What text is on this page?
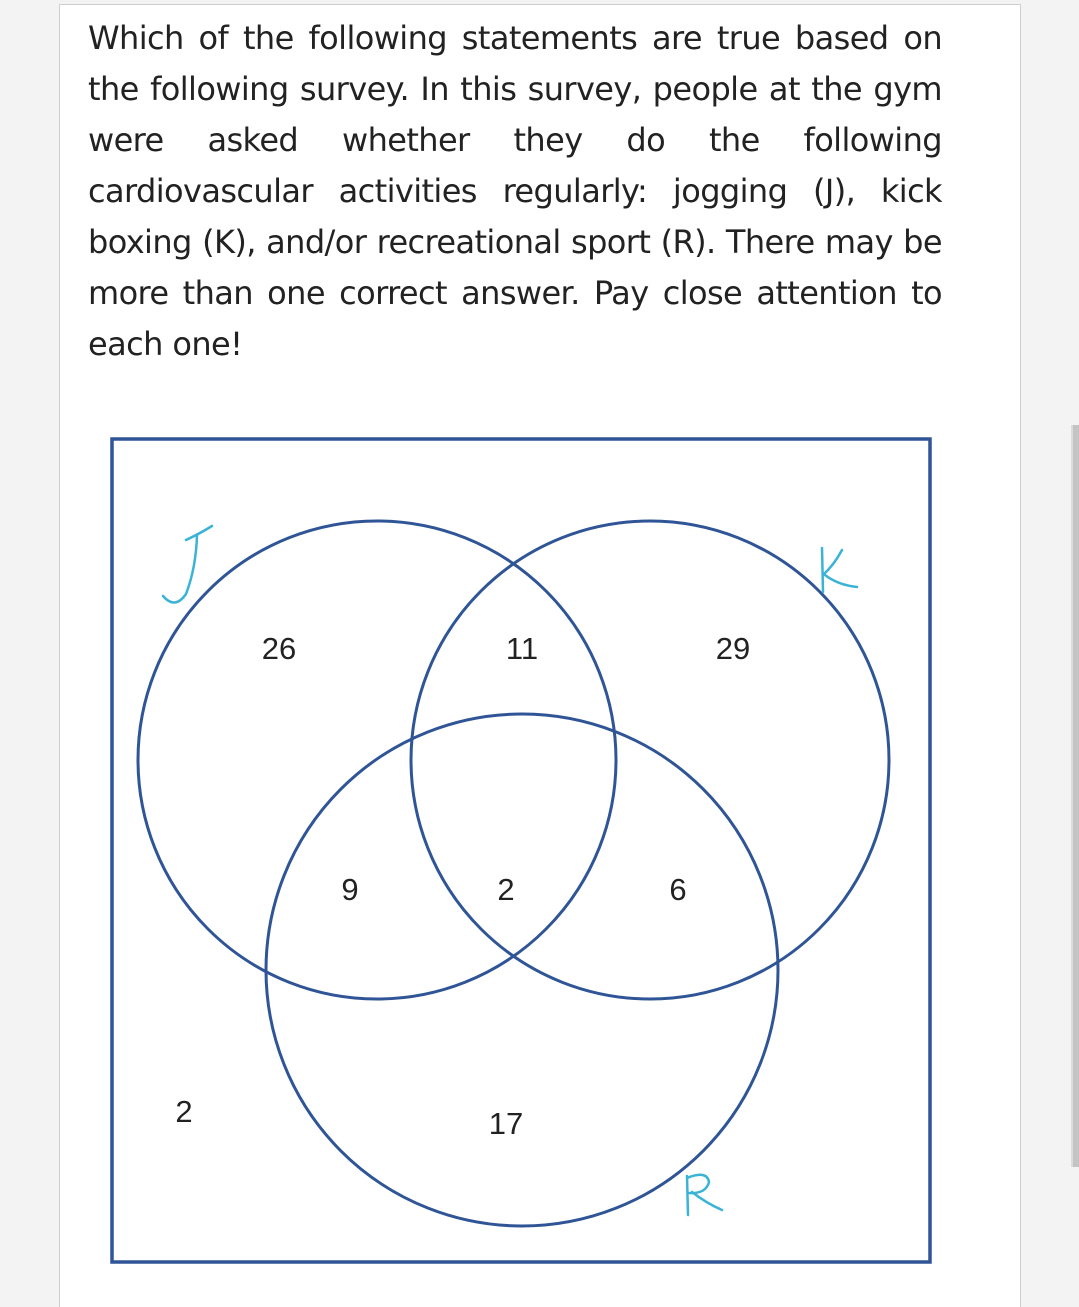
Which of the following statements are true based on the following survey. In this survey, people at the gym were asked whether they do the following cardiovascular activities regularly: jogging (J), kick boxing (K), and/or recreational sport (R). There may be more than one correct answer. Pay close attention to each one!

26	11	29
9	2	6
17
2
